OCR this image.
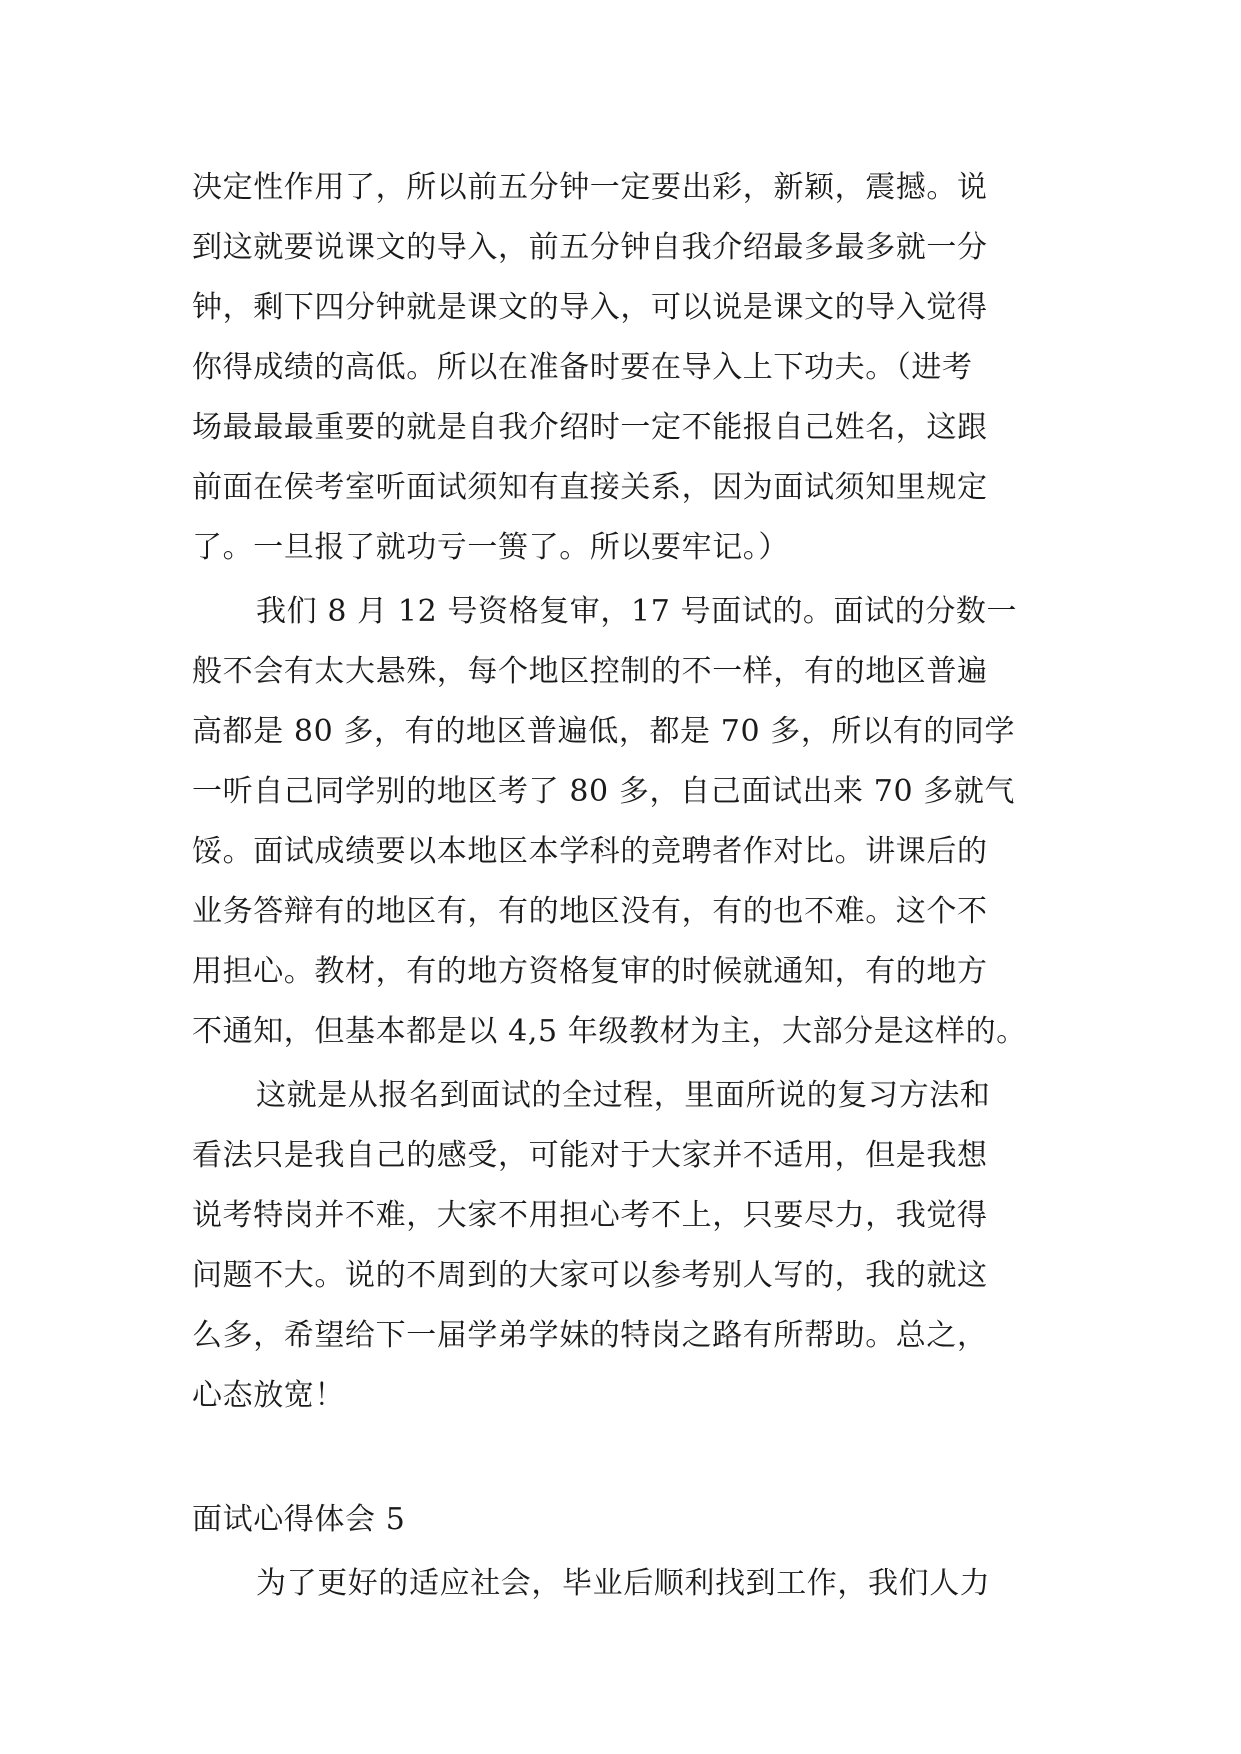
决定性作用了，所以前五分钟一定要出彩，新颖，震撼。说
到这就要说课文的导入，前五分钟自我介绍最多最多就一分
钟，剩下四分钟就是课文的导入，可以说是课文的导入觉得
你得成绩的高低。所以在准备时要在导入上下功夫。（进考
场最最最重要的就是自我介绍时一定不能报自己姓名，这跟
前面在侯考室听面试须知有直接关系，因为面试须知里规定
了。一旦报了就功亏一篑了。所以要牢记。）
我们 8 月 12 号资格复审，17 号面试的。面试的分数一
般不会有太大悬殊，每个地区控制的不一样，有的地区普遍
高都是 80 多，有的地区普遍低，都是 70 多，所以有的同学
一听自己同学别的地区考了 80 多，自己面试出来 70 多就气
馁。面试成绩要以本地区本学科的竞聘者作对比。讲课后的
业务答辩有的地区有，有的地区没有，有的也不难。这个不
用担心。教材，有的地方资格复审的时候就通知，有的地方
不通知，但基本都是以 4,5 年级教材为主，大部分是这样的。
这就是从报名到面试的全过程，里面所说的复习方法和
看法只是我自己的感受，可能对于大家并不适用，但是我想
说考特岗并不难，大家不用担心考不上，只要尽力，我觉得
问题不大。说的不周到的大家可以参考别人写的，我的就这
么多，希望给下一届学弟学妹的特岗之路有所帮助。总之，
心态放宽！
面试心得体会 5
为了更好的适应社会，毕业后顺利找到工作，我们人力
